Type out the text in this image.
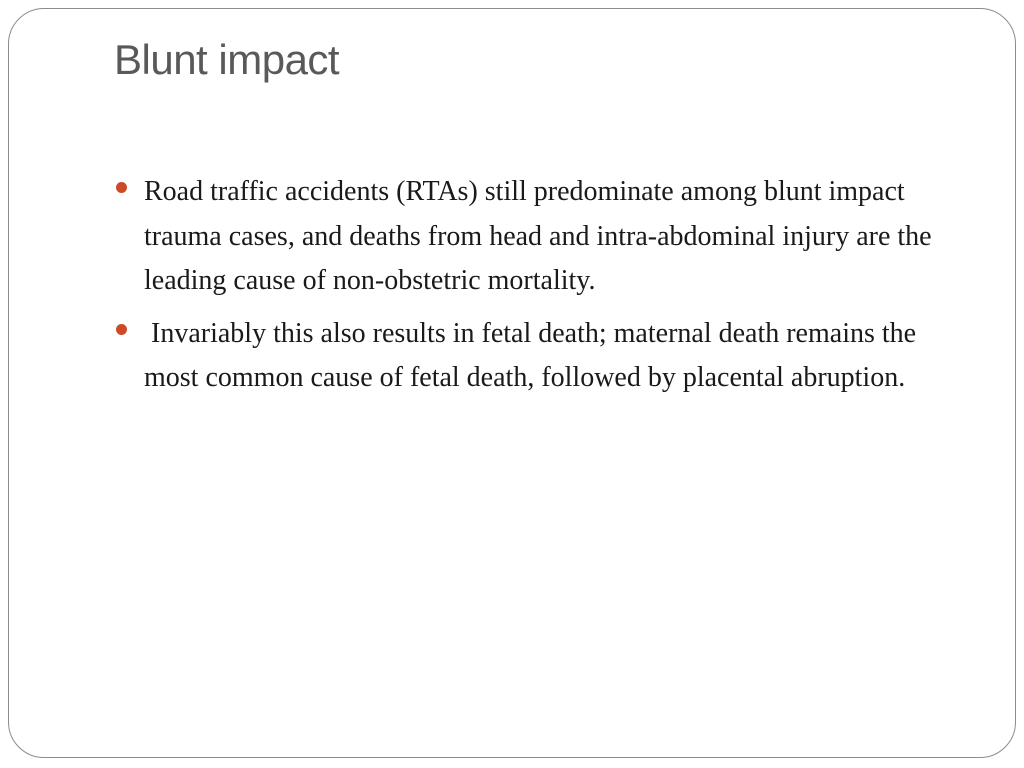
Blunt impact
Road traffic accidents (RTAs) still predominate among blunt impact trauma cases, and deaths from head and intra-abdominal injury are the leading cause of non-obstetric mortality.
Invariably this also results in fetal death; maternal death remains the most common cause of fetal death, followed by placental abruption.
